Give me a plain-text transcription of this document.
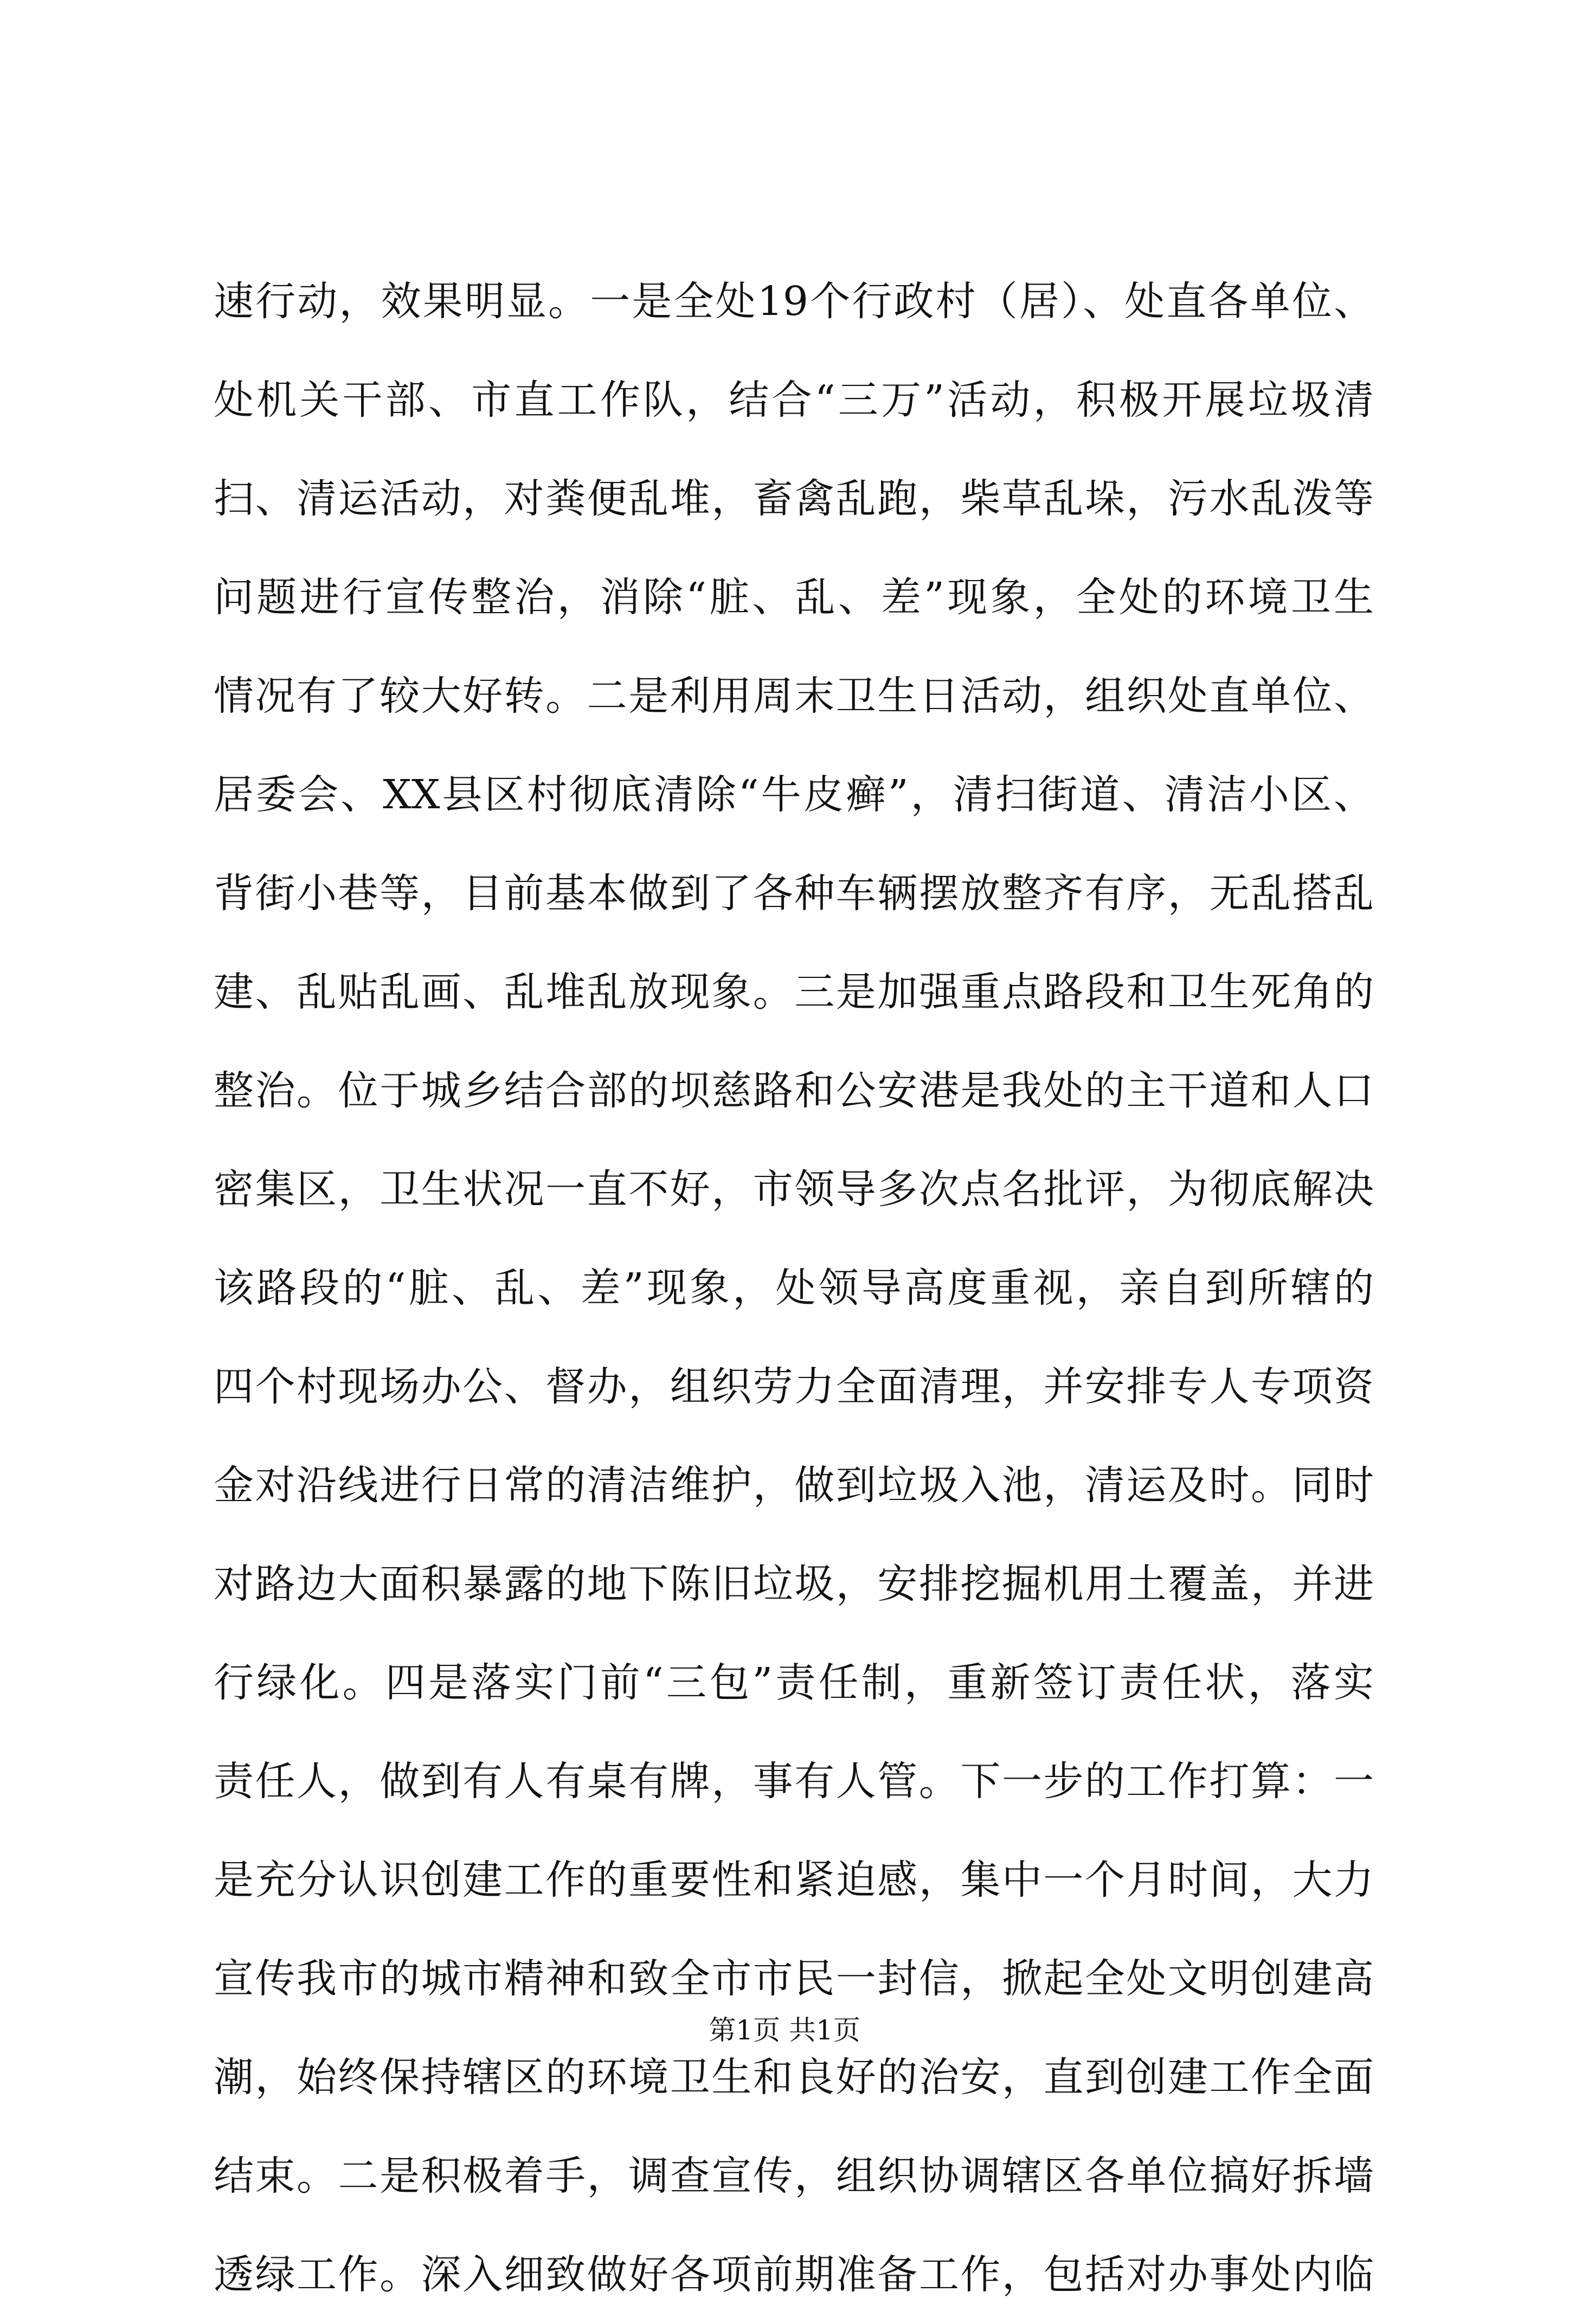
速行动，效果明显。一是全处19个行政村（居）、处直各单位、
处机关干部、市直工作队，结合“三万”活动，积极开展垃圾清
扫、清运活动，对粪便乱堆，畜禽乱跑，柴草乱垛，污水乱泼等
问题进行宣传整治，消除“脏、乱、差”现象，全处的环境卫生
情况有了较大好转。二是利用周末卫生日活动，组织处直单位、
居委会、XX县区村彻底清除“牛皮癣”，清扫街道、清洁小区、
背街小巷等，目前基本做到了各种车辆摆放整齐有序，无乱搭乱
建、乱贴乱画、乱堆乱放现象。三是加强重点路段和卫生死角的
整治。位于城乡结合部的坝慈路和公安港是我处的主干道和人口
密集区，卫生状况一直不好，市领导多次点名批评，为彻底解决
该路段的“脏、乱、差”现象，处领导高度重视，亲自到所辖的
四个村现场办公、督办，组织劳力全面清理，并安排专人专项资
金对沿线进行日常的清洁维护，做到垃圾入池，清运及时。同时
对路边大面积暴露的地下陈旧垃圾，安排挖掘机用土覆盖，并进
行绿化。四是落实门前“三包”责任制，重新签订责任状，落实
责任人，做到有人有桌有牌，事有人管。下一步的工作打算：一
是充分认识创建工作的重要性和紧迫感，集中一个月时间，大力
宣传我市的城市精神和致全市市民一封信，掀起全处文明创建高
潮，始终保持辖区的环境卫生和良好的治安，直到创建工作全面
结束。二是积极着手，调查宣传，组织协调辖区各单位搞好拆墙
透绿工作。深入细致做好各项前期准备工作，包括对办事处内临
第1页 共1页
